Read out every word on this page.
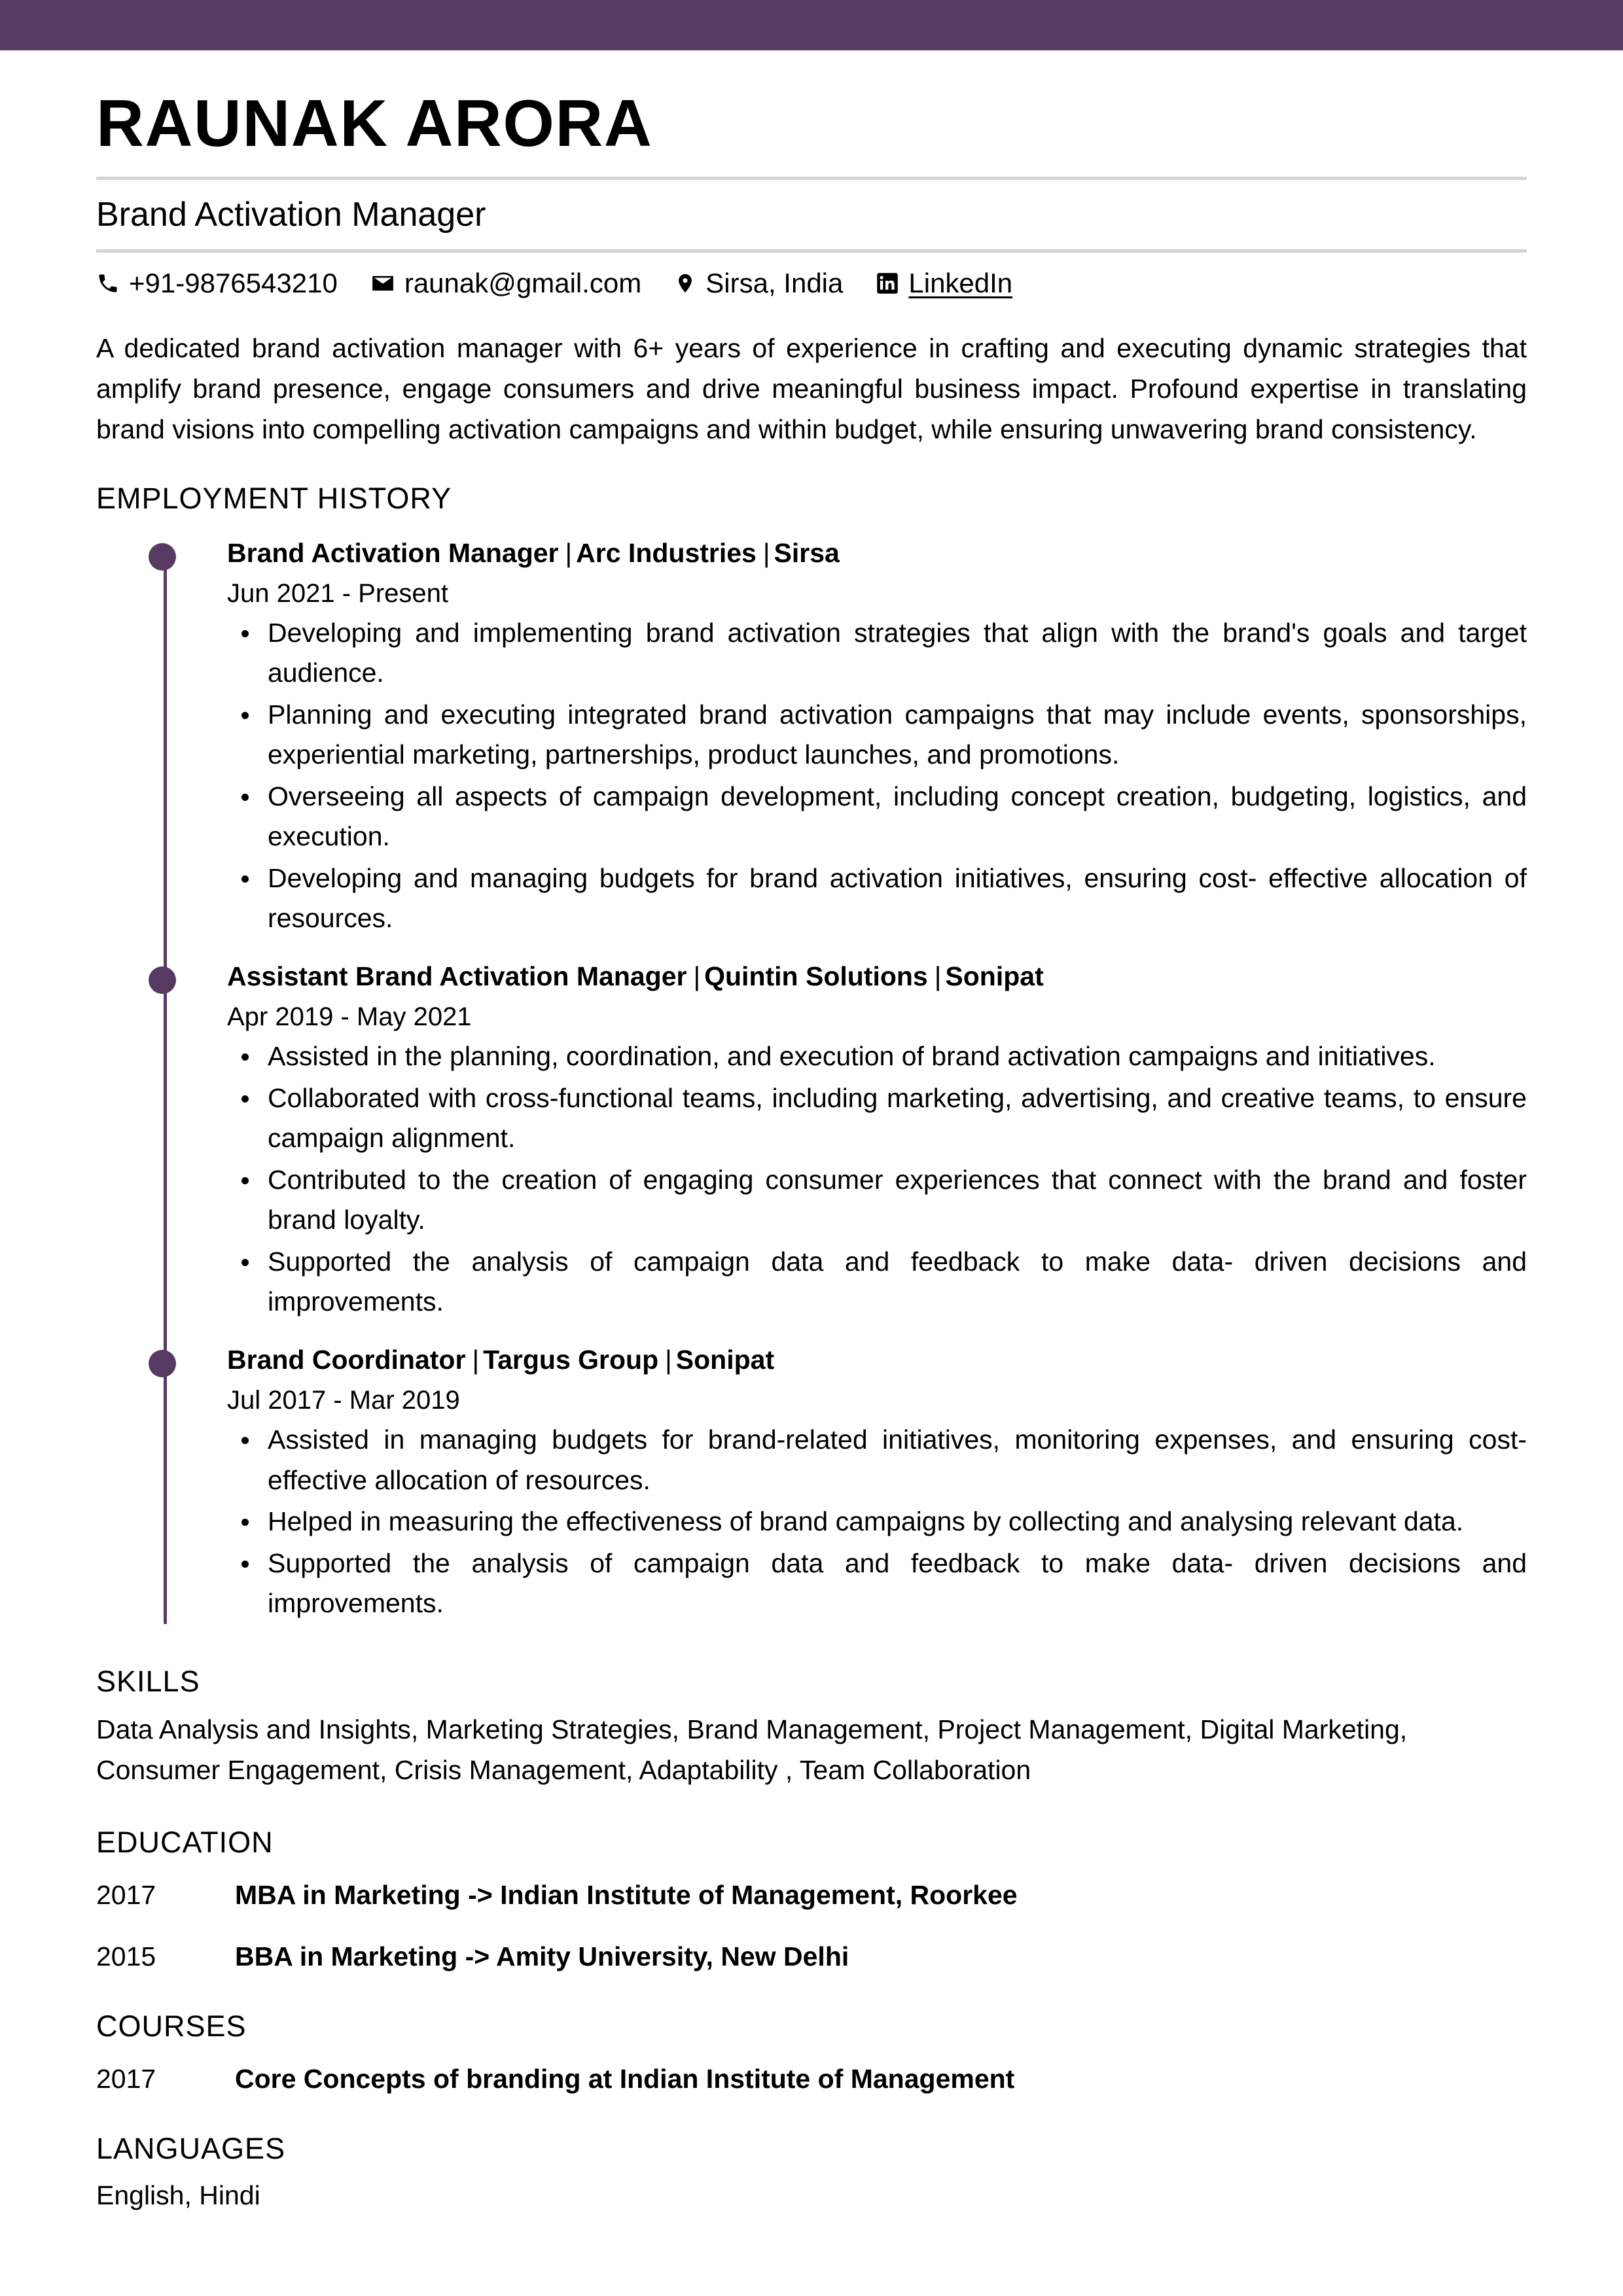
RAUNAK ARORA
Brand Activation Manager
+91-9876543210 raunak@gmail.com Sirsa, India LinkedIn
A dedicated brand activation manager with 6+ years of experience in crafting and executing dynamic strategies that amplify brand presence, engage consumers and drive meaningful business impact. Profound expertise in translating brand visions into compelling activation campaigns and within budget, while ensuring unwavering brand consistency.
EMPLOYMENT HISTORY
Brand Activation Manager | Arc Industries | Sirsa
Jun 2021 - Present
Developing and implementing brand activation strategies that align with the brand's goals and target audience.
Planning and executing integrated brand activation campaigns that may include events, sponsorships, experiential marketing, partnerships, product launches, and promotions.
Overseeing all aspects of campaign development, including concept creation, budgeting, logistics, and execution.
Developing and managing budgets for brand activation initiatives, ensuring cost- effective allocation of resources.
Assistant Brand Activation Manager | Quintin Solutions | Sonipat
Apr 2019 - May 2021
Assisted in the planning, coordination, and execution of brand activation campaigns and initiatives.
Collaborated with cross-functional teams, including marketing, advertising, and creative teams, to ensure campaign alignment.
Contributed to the creation of engaging consumer experiences that connect with the brand and foster brand loyalty.
Supported the analysis of campaign data and feedback to make data- driven decisions and improvements.
Brand Coordinator | Targus Group | Sonipat
Jul 2017 - Mar 2019
Assisted in managing budgets for brand-related initiatives, monitoring expenses, and ensuring cost-effective allocation of resources.
Helped in measuring the effectiveness of brand campaigns by collecting and analysing relevant data.
Supported the analysis of campaign data and feedback to make data- driven decisions and improvements.
SKILLS
Data Analysis and Insights, Marketing Strategies, Brand Management, Project Management, Digital Marketing, Consumer Engagement, Crisis Management, Adaptability , Team Collaboration
EDUCATION
2017	MBA in Marketing -> Indian Institute of Management, Roorkee
2015	BBA in Marketing -> Amity University, New Delhi
COURSES
2017	Core Concepts of branding at Indian Institute of Management
LANGUAGES
English, Hindi
